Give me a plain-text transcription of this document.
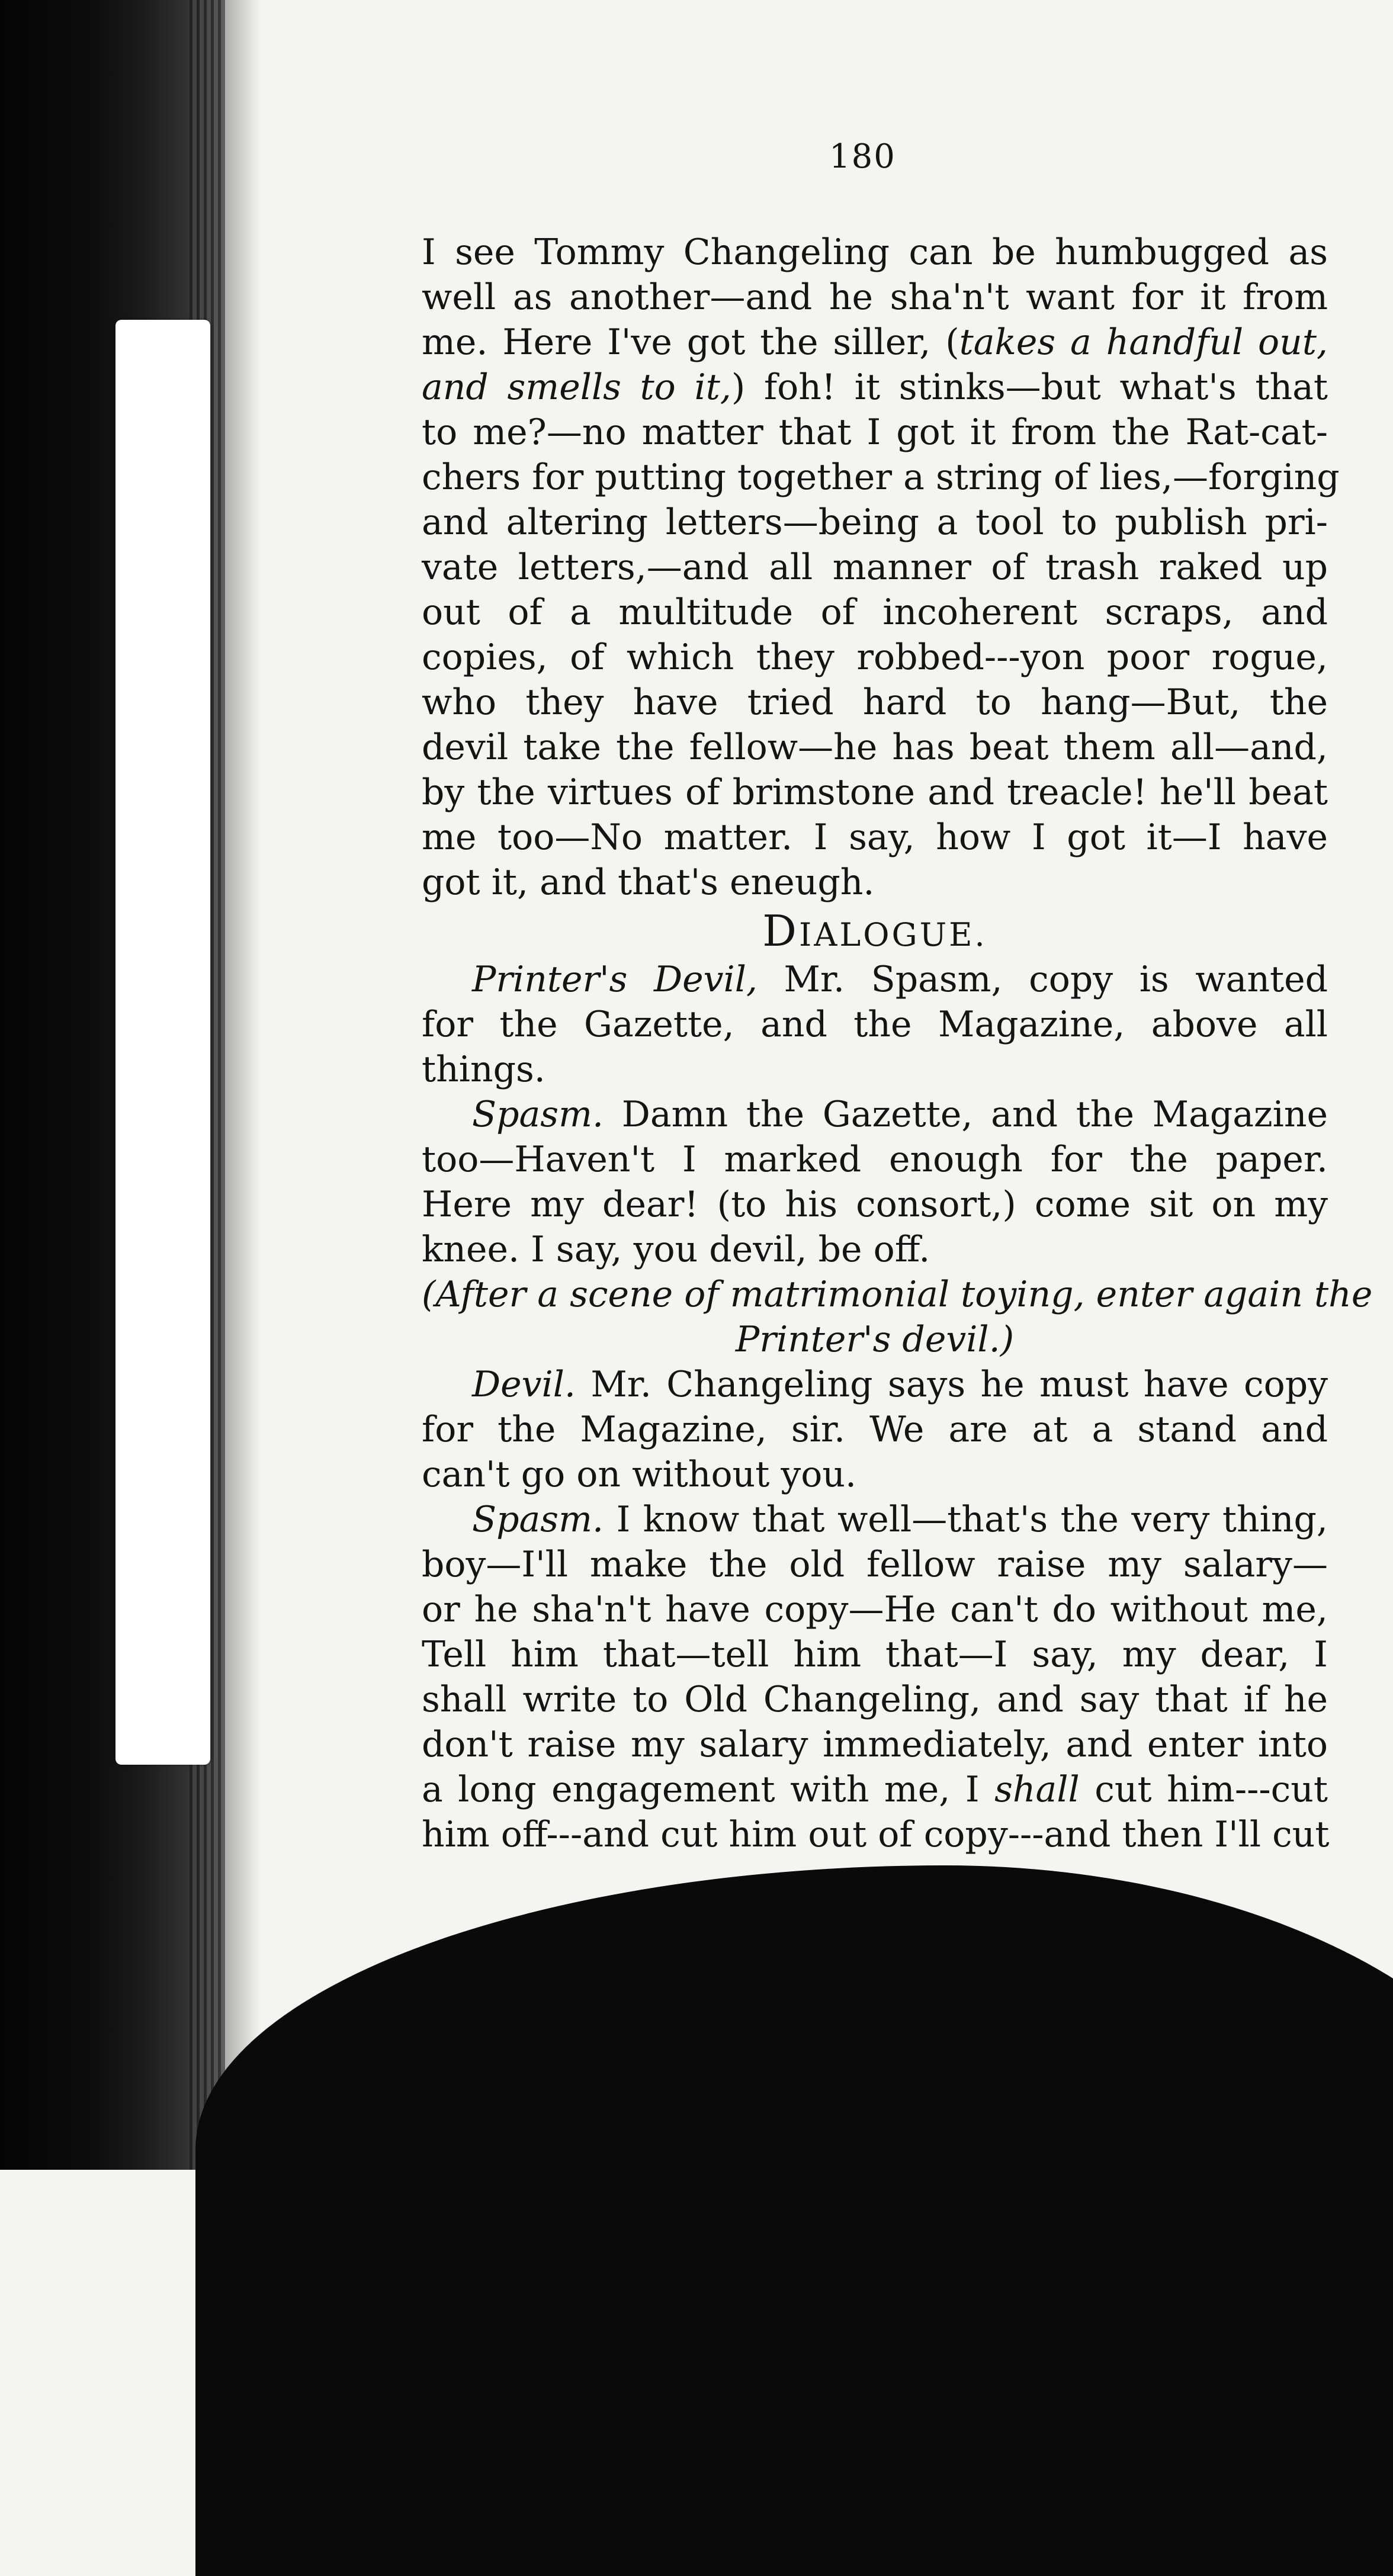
180
I see Tommy Changeling can be humbugged as
well as another—and he sha'n't want for it from
me. Here I've got the siller, (takes a handful out,
and smells to it,) foh! it stinks—but what's that
to me?—no matter that I got it from the Rat-cat-
chers for putting together a string of lies,—forging
and altering letters—being a tool to publish pri-
vate letters,—and all manner of trash raked up
out of a multitude of incoherent scraps, and
copies, of which they robbed---yon poor rogue,
who they have tried hard to hang—But, the
devil take the fellow—he has beat them all—and,
by the virtues of brimstone and treacle! he'll beat
me too—No matter. I say, how I got it—I have
got it, and that's eneugh.
DIALOGUE.
Printer's Devil, Mr. Spasm, copy is wanted
for the Gazette, and the Magazine, above all
things.
Spasm. Damn the Gazette, and the Magazine
too—Haven't I marked enough for the paper.
Here my dear! (to his consort,) come sit on my
knee. I say, you devil, be off.
(After a scene of matrimonial toying, enter again the
Printer's devil.)
Devil. Mr. Changeling says he must have copy
for the Magazine, sir. We are at a stand and
can't go on without you.
Spasm. I know that well—that's the very thing,
boy—I'll make the old fellow raise my salary—
or he sha'n't have copy—He can't do without me,
Tell him that—tell him that—I say, my dear, I
shall write to Old Changeling, and say that if he
don't raise my salary immediately, and enter into
a long engagement with me, I shall cut him---cut
him off---and cut him out of copy---and then I'll cut
